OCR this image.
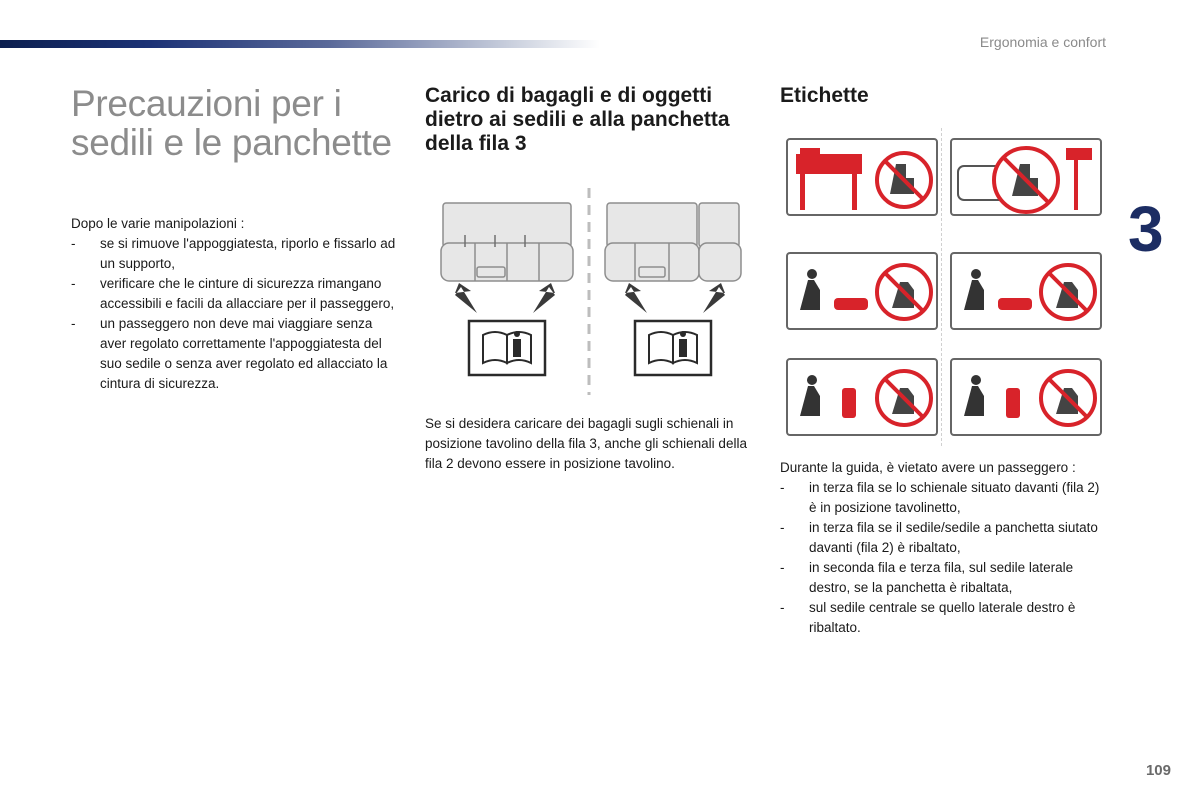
Ergonomia e confort
Precauzioni per i sedili e le panchette

Dopo le varie manipolazioni :

- se si rimuove l'appoggiatesta, riporlo e fissarlo ad un supporto,
- verificare che le cinture di sicurezza rimangano accessibili e facili da allacciare per il passeggero,
- un passeggero non deve mai viaggiare senza aver regolato correttamente l'appoggiatesta del suo sedile o senza aver regolato ed allacciato la cintura di sicurezza.
Carico di bagagli e di oggetti dietro ai sedili e alla panchetta della fila 3
Se si desidera caricare dei bagagli sugli schienali in posizione tavolino della fila 3, anche gli schienali della fila 2 devono essere in posizione tavolino.
Etichette

Durante la guida, è vietato avere un passeggero :

- in terza fila se lo schienale situato davanti (fila 2) è in posizione tavolinetto,
- in terza fila se il sedile/sedile a panchetta siutato davanti (fila 2) è ribaltato,
- in seconda fila e terza fila, sul sedile laterale destro, se la panchetta è ribaltata,
- sul sedile centrale se quello laterale destro è ribaltato.
3
109
